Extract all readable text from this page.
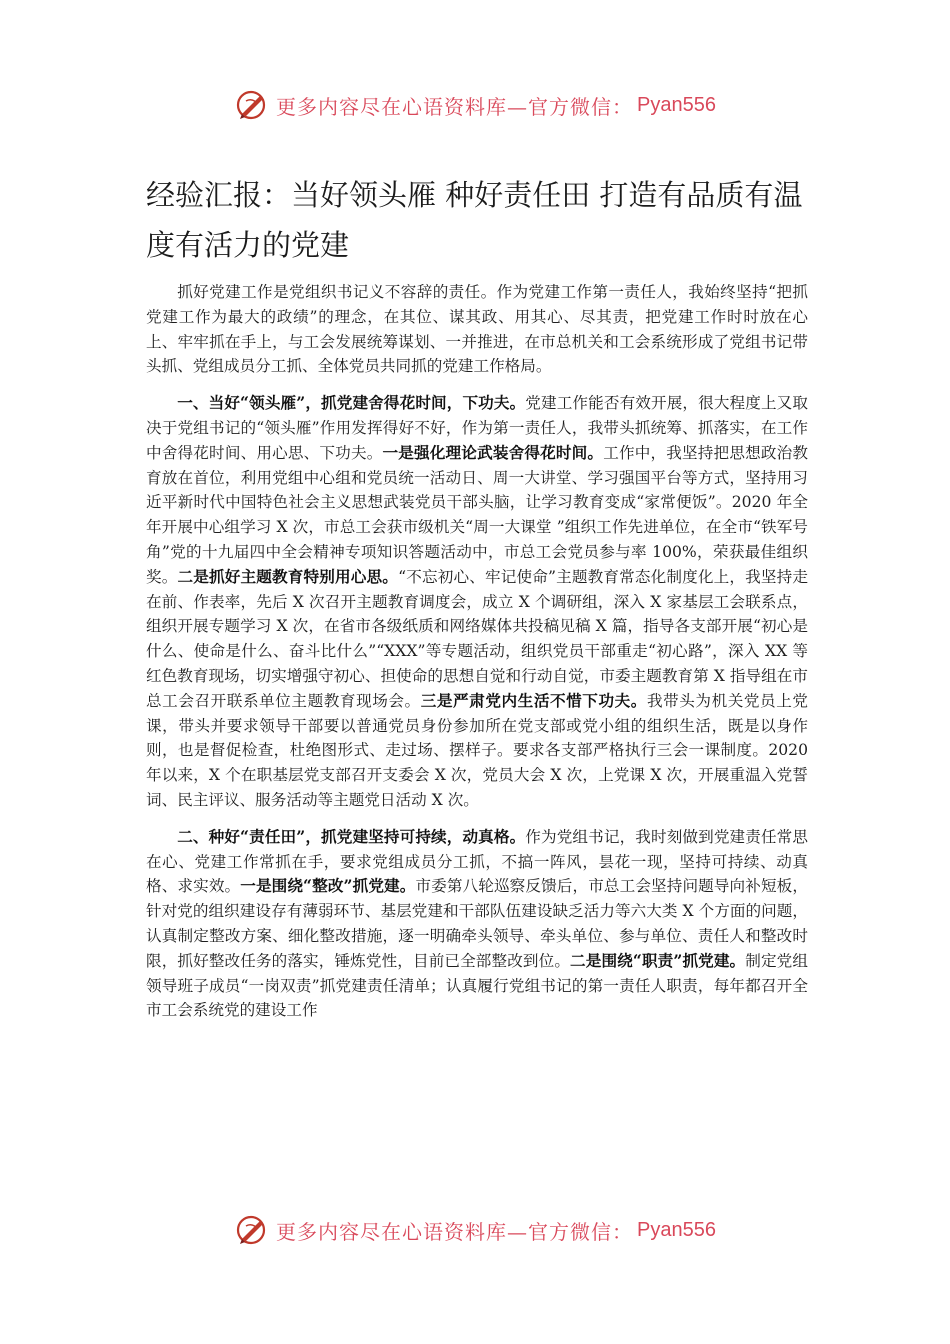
更多内容尽在心语资料库—官方微信： Pyan556
经验汇报：当好领头雁 种好责任田 打造有品质有温度有活力的党建

抓好党建工作是党组织书记义不容辞的责任。作为党建工作第一责任人，我始终坚持“把抓党建工作为最大的政绩”的理念，在其位、谋其政、用其心、尽其责，把党建工作时时放在心上、牢牢抓在手上，与工会发展统筹谋划、一并推进，在市总机关和工会系统形成了党组书记带头抓、党组成员分工抓、全体党员共同抓的党建工作格局。

一、当好“领头雁”，抓党建舍得花时间，下功夫。党建工作能否有效开展，很大程度上又取决于党组书记的“领头雁”作用发挥得好不好，作为第一责任人，我带头抓统筹、抓落实，在工作中舍得花时间、用心思、下功夫。一是强化理论武装舍得花时间。工作中，我坚持把思想政治教育放在首位，利用党组中心组和党员统一活动日、周一大讲堂、学习强国平台等方式，坚持用习近平新时代中国特色社会主义思想武装党员干部头脑，让学习教育变成“家常便饭”。2020 年全年开展中心组学习 X 次，市总工会获市级机关“周一大课堂 ”组织工作先进单位，在全市“铁军号角”党的十九届四中全会精神专项知识答题活动中，市总工会党员参与率 100%，荣获最佳组织奖。二是抓好主题教育特别用心思。“不忘初心、牢记使命”主题教育常态化制度化上，我坚持走在前、作表率，先后 X 次召开主题教育调度会，成立 X 个调研组，深入 X 家基层工会联系点，组织开展专题学习 X 次，在省市各级纸质和网络媒体共投稿见稿 X 篇，指导各支部开展“初心是什么、使命是什么、奋斗比什么”“XXX”等专题活动，组织党员干部重走“初心路”，深入 XX 等红色教育现场，切实增强守初心、担使命的思想自觉和行动自觉，市委主题教育第 X 指导组在市总工会召开联系单位主题教育现场会。三是严肃党内生活不惜下功夫。我带头为机关党员上党课，带头并要求领导干部要以普通党员身份参加所在党支部或党小组的组织生活，既是以身作则，也是督促检查，杜绝图形式、走过场、摆样子。要求各支部严格执行三会一课制度。2020 年以来，X 个在职基层党支部召开支委会 X 次，党员大会 X 次，上党课 X 次，开展重温入党誓词、民主评议、服务活动等主题党日活动 X 次。

二、种好“责任田”，抓党建坚持可持续，动真格。作为党组书记，我时刻做到党建责任常思在心、党建工作常抓在手，要求党组成员分工抓，不搞一阵风，昙花一现，坚持可持续、动真格、求实效。一是围绕“整改”抓党建。市委第八轮巡察反馈后，市总工会坚持问题导向补短板，针对党的组织建设存有薄弱环节、基层党建和干部队伍建设缺乏活力等六大类 X 个方面的问题，认真制定整改方案、细化整改措施，逐一明确牵头领导、牵头单位、参与单位、责任人和整改时限，抓好整改任务的落实，锤炼党性，目前已全部整改到位。二是围绕“职责”抓党建。制定党组领导班子成员“一岗双责”抓党建责任清单；认真履行党组书记的第一责任人职责，每年都召开全市工会系统党的建设工作

更多内容尽在心语资料库—官方微信： Pyan556
